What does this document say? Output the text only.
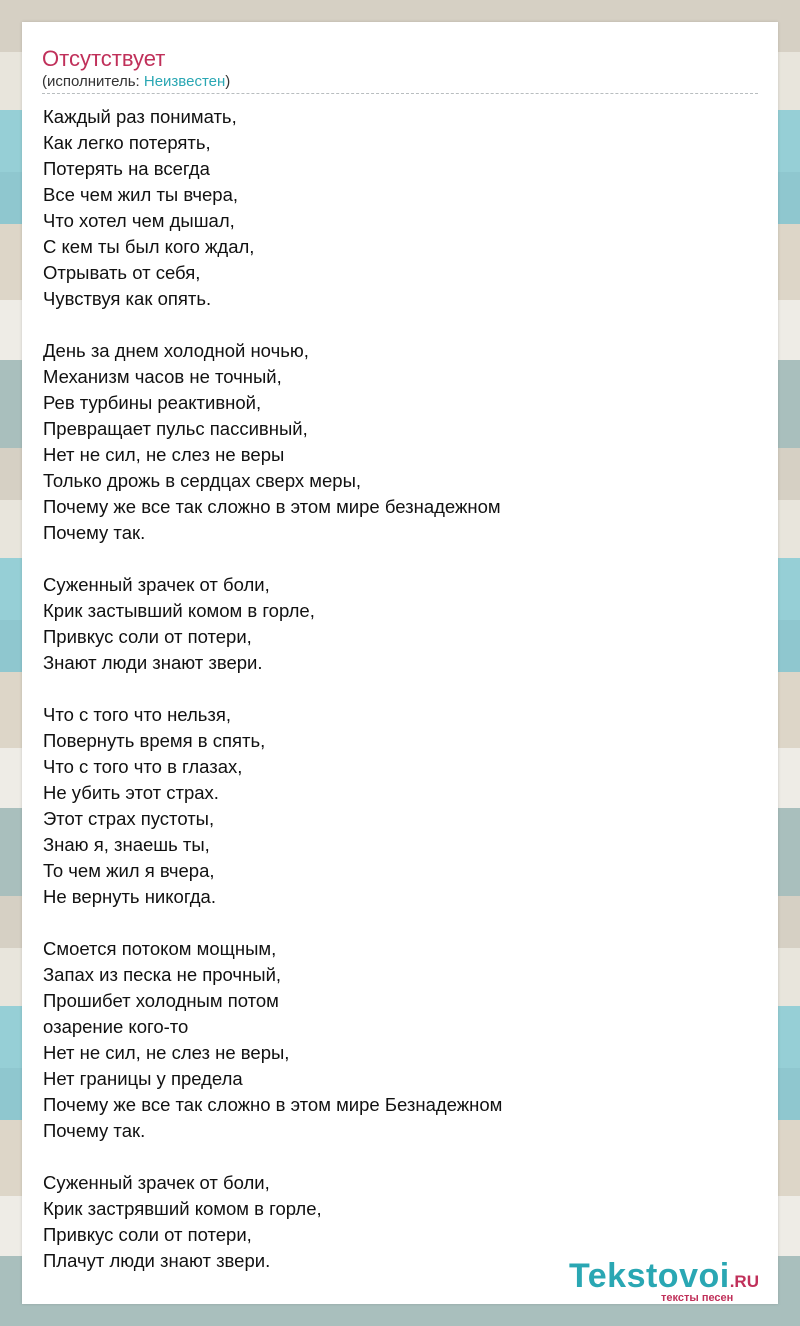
Отсутствует
(исполнитель: Неизвестен)
Каждый раз понимать,
Как легко потерять,
Потерять на всегда
Все чем жил ты вчера,
Что хотел чем дышал,
С кем ты был кого ждал,
Отрывать от себя,
Чувствуя как опять.
День за днем холодной ночью,
Механизм часов не точный,
Рев турбины реактивной,
Превращает пульс пассивный,
Нет не сил, не слез не веры
Только дрожь в сердцах сверх меры,
Почему же все так сложно в этом мире безнадежном
Почему так.
Суженный зрачек от боли,
Крик застывший комом в горле,
Привкус соли от потери,
Знают люди знают звери.
Что с того что нельзя,
Повернуть время в спять,
Что с того что в глазах,
Не убить этот страх.
Этот страх пустоты,
Знаю я, знаешь ты,
То чем жил я вчера,
Не вернуть никогда.
Смоется потоком мощным,
Запах из песка не прочный,
Прошибет холодным потом
озарение кого-то
Нет не сил, не слез не веры,
Нет границы у предела
Почему же все так сложно в этом мире Безнадежном
Почему так.
Суженный зрачек от боли,
Крик застрявший комом в горле,
Привкус соли от потери,
Плачут люди знают звери.	Tekstovoi.RU
тексты песен
